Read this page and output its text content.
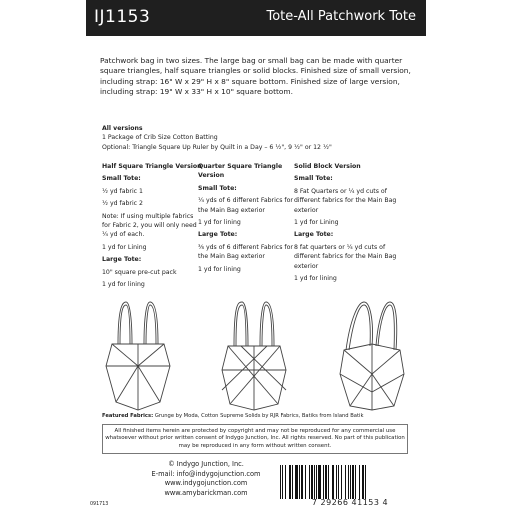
IJ1153	Tote-All Patchwork Tote
Patchwork bag in two sizes. The large bag or small bag can be made with quarter square triangles, half square triangles or solid blocks. Finished size of small version, including strap: 16" W x 29" H x 8" square bottom. Finished size of large version, including strap: 19" W x 33" H x 10" square bottom.
All versions
1 Package of Crib Size Cotton Batting
Optional: Triangle Square Up Ruler by Quilt in a Day – 6 ½", 9 ½" or 12 ½"

Half Square Triangle Version

Small Tote:

½ yd fabric 1

½ yd fabric 2

Note: If using multiple fabrics for Fabric 2, you will only need ¼ yd of each.

1 yd for Lining

Large Tote:

10" square pre-cut pack

1 yd for lining

Quarter Square Triangle Version

Small Tote:

¼ yds of 6 different Fabrics for the Main Bag exterior

1 yd for lining

Large Tote:

⅜ yds of 6 different Fabrics for the Main Bag exterior

1 yd for lining

Solid Block Version

Small Tote:

8 Fat Quarters or ¼ yd cuts of different fabrics for the Main Bag exterior

1 yd for Lining

Large Tote:

8 fat quarters or ¼ yd cuts of different fabrics for the Main Bag exterior

1 yd for lining

Featured Fabrics: Grunge by Moda, Cotton Supreme Solids by RJR Fabrics, Batiks from Island Batik
All finished items herein are protected by copyright and may not be reproduced for any commercial use whatsoever without prior written consent of Indygo Junction, Inc. All rights reserved. No part of this publication may be reproduced in any form without written consent.
© Indygo Junction, Inc.
E-mail: info@indygojunction.com
www.indygojunction.com
www.amybarickman.com
091713	7 29266 41153 4
